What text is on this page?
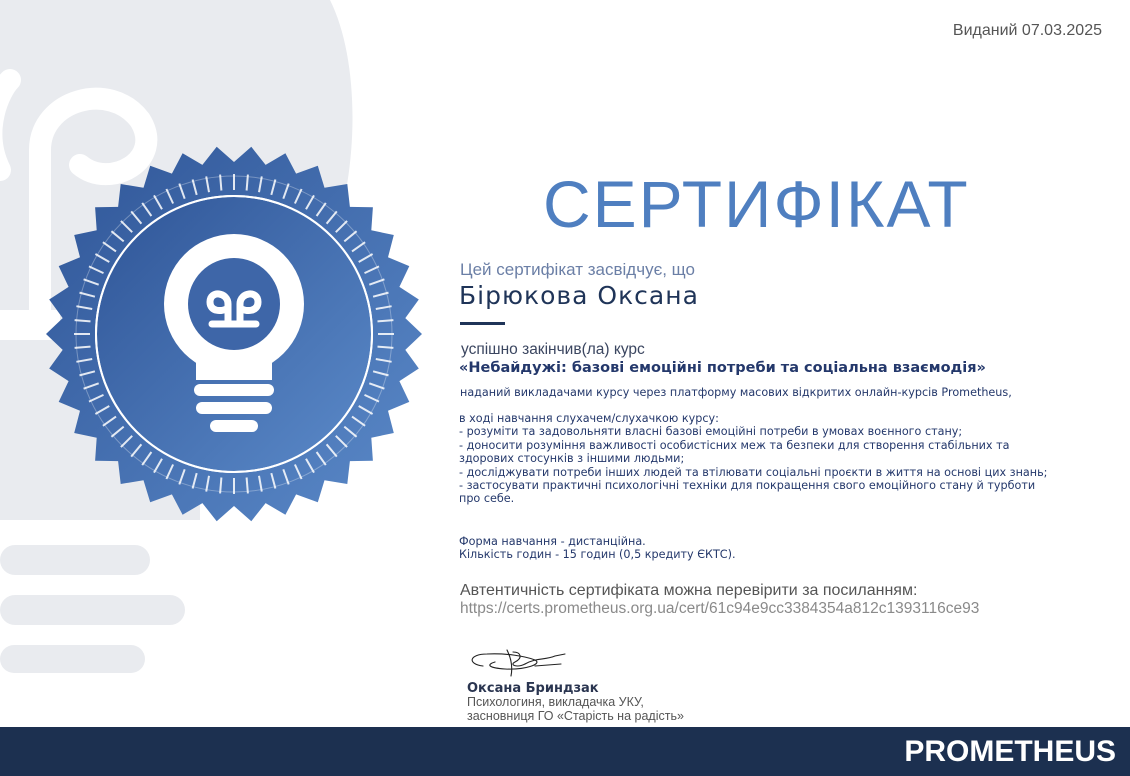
Виданий 07.03.2025
СЕРТИФІКАТ
Цей сертифікат засвідчує, що
Бірюкова Оксана
успішно закінчив(ла) курс
«Небайдужі: базові емоційні потреби та соціальна взаємодія»
наданий викладачами курсу через платформу масових відкритих онлайн-курсів Prometheus,
в ході навчання слухачем/слухачкою курсу:
- розуміти та задовольняти власні базові емоційні потреби в умовах воєнного стану;
- доносити розуміння важливості особистісних меж та безпеки для створення стабільних та
здорових стосунків з іншими людьми;
- досліджувати потреби інших людей та втілювати соціальні проєкти в життя на основі цих знань;
- застосувати практичні психологічні техніки для покращення свого емоційного стану й турботи
про себе.
Форма навчання - дистанційна.
Кількість годин - 15 годин (0,5 кредиту ЄКТС).
Автентичність сертифіката можна перевірити за посиланням:
https://certs.prometheus.org.ua/cert/61c94e9cc3384354a812c1393116ce93
Оксана Бриндзак
Психологиня, викладачка УКУ,
засновниця ГО «Старість на радість»
PROMETHEUS
